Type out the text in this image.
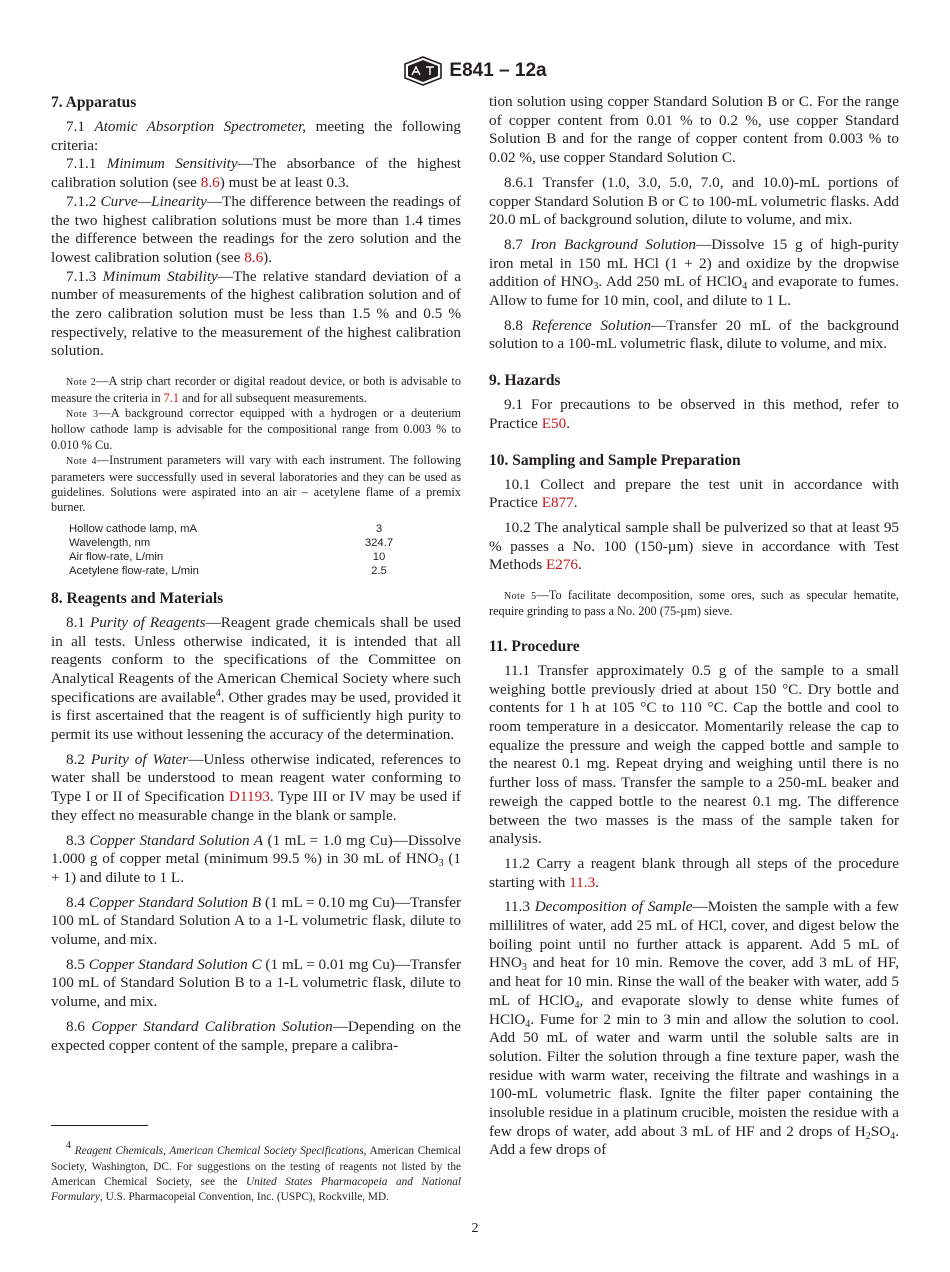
E841 – 12a

7. Apparatus

7.1 Atomic Absorption Spectrometer, meeting the following criteria:

7.1.1 Minimum Sensitivity—The absorbance of the highest calibration solution (see 8.6) must be at least 0.3.

7.1.2 Curve—Linearity—The difference between the readings of the two highest calibration solutions must be more than 1.4 times the difference between the readings for the zero solution and the lowest calibration solution (see 8.6).

7.1.3 Minimum Stability—The relative standard deviation of a number of measurements of the highest calibration solution and of the zero calibration solution must be less than 1.5 % and 0.5 % respectively, relative to the measurement of the highest calibration solution.

Note 2—A strip chart recorder or digital readout device, or both is advisable to measure the criteria in 7.1 and for all subsequent measurements.

Note 3—A background corrector equipped with a hydrogen or a deuterium hollow cathode lamp is advisable for the compositional range from 0.003 % to 0.010 % Cu.

Note 4—Instrument parameters will vary with each instrument. The following parameters were successfully used in several laboratories and they can be used as guidelines. Solutions were aspirated into an air – acetylene flame of a premix burner.

Hollow cathode lamp, mA	3
Wavelength, nm	324.7
Air flow-rate, L/min	10
Acetylene flow-rate, L/min	2.5

8. Reagents and Materials

8.1 Purity of Reagents—Reagent grade chemicals shall be used in all tests. Unless otherwise indicated, it is intended that all reagents conform to the specifications of the Committee on Analytical Reagents of the American Chemical Society where such specifications are available$^4$. Other grades may be used, provided it is first ascertained that the reagent is of sufficiently high purity to permit its use without lessening the accuracy of the determination.

8.2 Purity of Water—Unless otherwise indicated, references to water shall be understood to mean reagent water conforming to Type I or II of Specification D1193. Type III or IV may be used if they effect no measurable change in the blank or sample.

8.3 Copper Standard Solution A (1 mL = 1.0 mg Cu)—Dissolve 1.000 g of copper metal (minimum 99.5 %) in 30 mL of $HNO_3$ (1 + 1) and dilute to 1 L.

8.4 Copper Standard Solution B (1 mL = 0.10 mg Cu)—Transfer 100 mL of Standard Solution A to a 1-L volumetric flask, dilute to volume, and mix.

8.5 Copper Standard Solution C (1 mL = 0.01 mg Cu)—Transfer 100 mL of Standard Solution B to a 1-L volumetric flask, dilute to volume, and mix.

8.6 Copper Standard Calibration Solution—Depending on the expected copper content of the sample, prepare a calibra-

$^4$ Reagent Chemicals, American Chemical Society Specifications, American Chemical Society, Washington, DC. For suggestions on the testing of reagents not listed by the American Chemical Society, see the United States Pharmacopeia and National Formulary, U.S. Pharmacopeial Convention, Inc. (USPC), Rockville, MD.

tion solution using copper Standard Solution B or C. For the range of copper content from 0.01 % to 0.2 %, use copper Standard Solution B and for the range of copper content from 0.003 % to 0.02 %, use copper Standard Solution C.

8.6.1 Transfer (1.0, 3.0, 5.0, 7.0, and 10.0)-mL portions of copper Standard Solution B or C to 100-mL volumetric flasks. Add 20.0 mL of background solution, dilute to volume, and mix.

8.7 Iron Background Solution—Dissolve 15 g of high-purity iron metal in 150 mL HCl (1 + 2) and oxidize by the dropwise addition of $HNO_3$. Add 250 mL of HClO$_4$ and evaporate to fumes. Allow to fume for 10 min, cool, and dilute to 1 L.

8.8 Reference Solution—Transfer 20 mL of the background solution to a 100-mL volumetric flask, dilute to volume, and mix.

9. Hazards

9.1 For precautions to be observed in this method, refer to Practice E50.

10. Sampling and Sample Preparation

10.1 Collect and prepare the test unit in accordance with Practice E877.

10.2 The analytical sample shall be pulverized so that at least 95 % passes a No. 100 (150-µm) sieve in accordance with Test Methods E276.

Note 5—To facilitate decomposition, some ores, such as specular hematite, require grinding to pass a No. 200 (75-µm) sieve.

11. Procedure

11.1 Transfer approximately 0.5 g of the sample to a small weighing bottle previously dried at about 150 °C. Dry bottle and contents for 1 h at 105 °C to 110 °C. Cap the bottle and cool to room temperature in a desiccator. Momentarily release the cap to equalize the pressure and weigh the capped bottle and sample to the nearest 0.1 mg. Repeat drying and weighing until there is no further loss of mass. Transfer the sample to a 250-mL beaker and reweigh the capped bottle to the nearest 0.1 mg. The difference between the two masses is the mass of the sample taken for analysis.

11.2 Carry a reagent blank through all steps of the procedure starting with 11.3.

11.3 Decomposition of Sample—Moisten the sample with a few millilitres of water, add 25 mL of HCl, cover, and digest below the boiling point until no further attack is apparent. Add 5 mL of $HNO_3$ and heat for 10 min. Remove the cover, add 3 mL of HF, and heat for 10 min. Rinse the wall of the beaker with water, add 5 mL of HClO$_4$, and evaporate slowly to dense white fumes of HClO$_4$. Fume for 2 min to 3 min and allow the solution to cool. Add 50 mL of water and warm until the soluble salts are in solution. Filter the solution through a fine texture paper, wash the residue with warm water, receiving the filtrate and washings in a 100-mL volumetric flask. Ignite the filter paper containing the insoluble residue in a platinum crucible, moisten the residue with a few drops of water, add about 3 mL of HF and 2 drops of $H_2SO_4$. Add a few drops of

2
